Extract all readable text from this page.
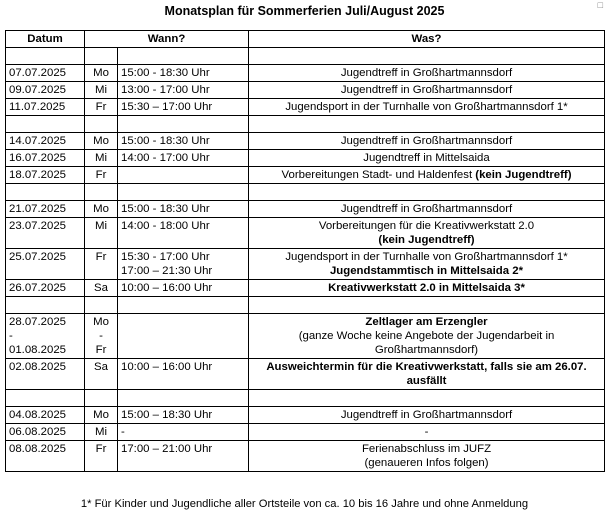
□
Monatsplan für Sommerferien Juli/August 2025
Datum	Wann?		Was?

07.07.2025	Mo	15:00 - 18:30 Uhr	Jugendtreff in Großhartmannsdorf

09.07.2025	Mi	13:00 - 17:00 Uhr	Jugendtreff in Großhartmannsdorf

11.07.2025	Fr	15:30 – 17:00 Uhr	Jugendsport in der Turnhalle von Großhartmannsdorf 1*

14.07.2025	Mo	15:00 - 18:30 Uhr	Jugendtreff in Großhartmannsdorf

16.07.2025	Mi	14:00 - 17:00 Uhr	Jugendtreff in Mittelsaida

18.07.2025	Fr		Vorbereitungen Stadt- und Haldenfest (kein Jugendtreff)

21.07.2025	Mo	15:00 - 18:30 Uhr	Jugendtreff in Großhartmannsdorf

23.07.2025	Mi	14:00 - 18:00 Uhr	Vorbereitungen für die Kreativwerkstatt 2.0
(kein Jugendtreff)

25.07.2025	Fr	15:30 - 17:00 Uhr
17:00 – 21:30 Uhr	Jugendsport in der Turnhalle von Großhartmannsdorf 1*
Jugendstammtisch in Mittelsaida 2*

26.07.2025	Sa	10:00 – 16:00 Uhr	Kreativwerkstatt 2.0 in Mittelsaida 3*

28.07.2025
-
01.08.2025	Mo
-
Fr		Zeltlager am Erzengler
(ganze Woche keine Angebote der Jugendarbeit in
Großhartmannsdorf)

02.08.2025	Sa	10:00 – 16:00 Uhr	Ausweichtermin für die Kreativwerkstatt, falls sie am 26.07.
ausfällt

04.08.2025	Mo	15:00 – 18:30 Uhr	Jugendtreff in Großhartmannsdorf

06.08.2025	Mi	-	-

08.08.2025	Fr	17:00 – 21:00 Uhr	Ferienabschluss im JUFZ
(genaueren Infos folgen)
1* Für Kinder und Jugendliche aller Ortsteile von ca. 10 bis 16 Jahre und ohne Anmeldung
